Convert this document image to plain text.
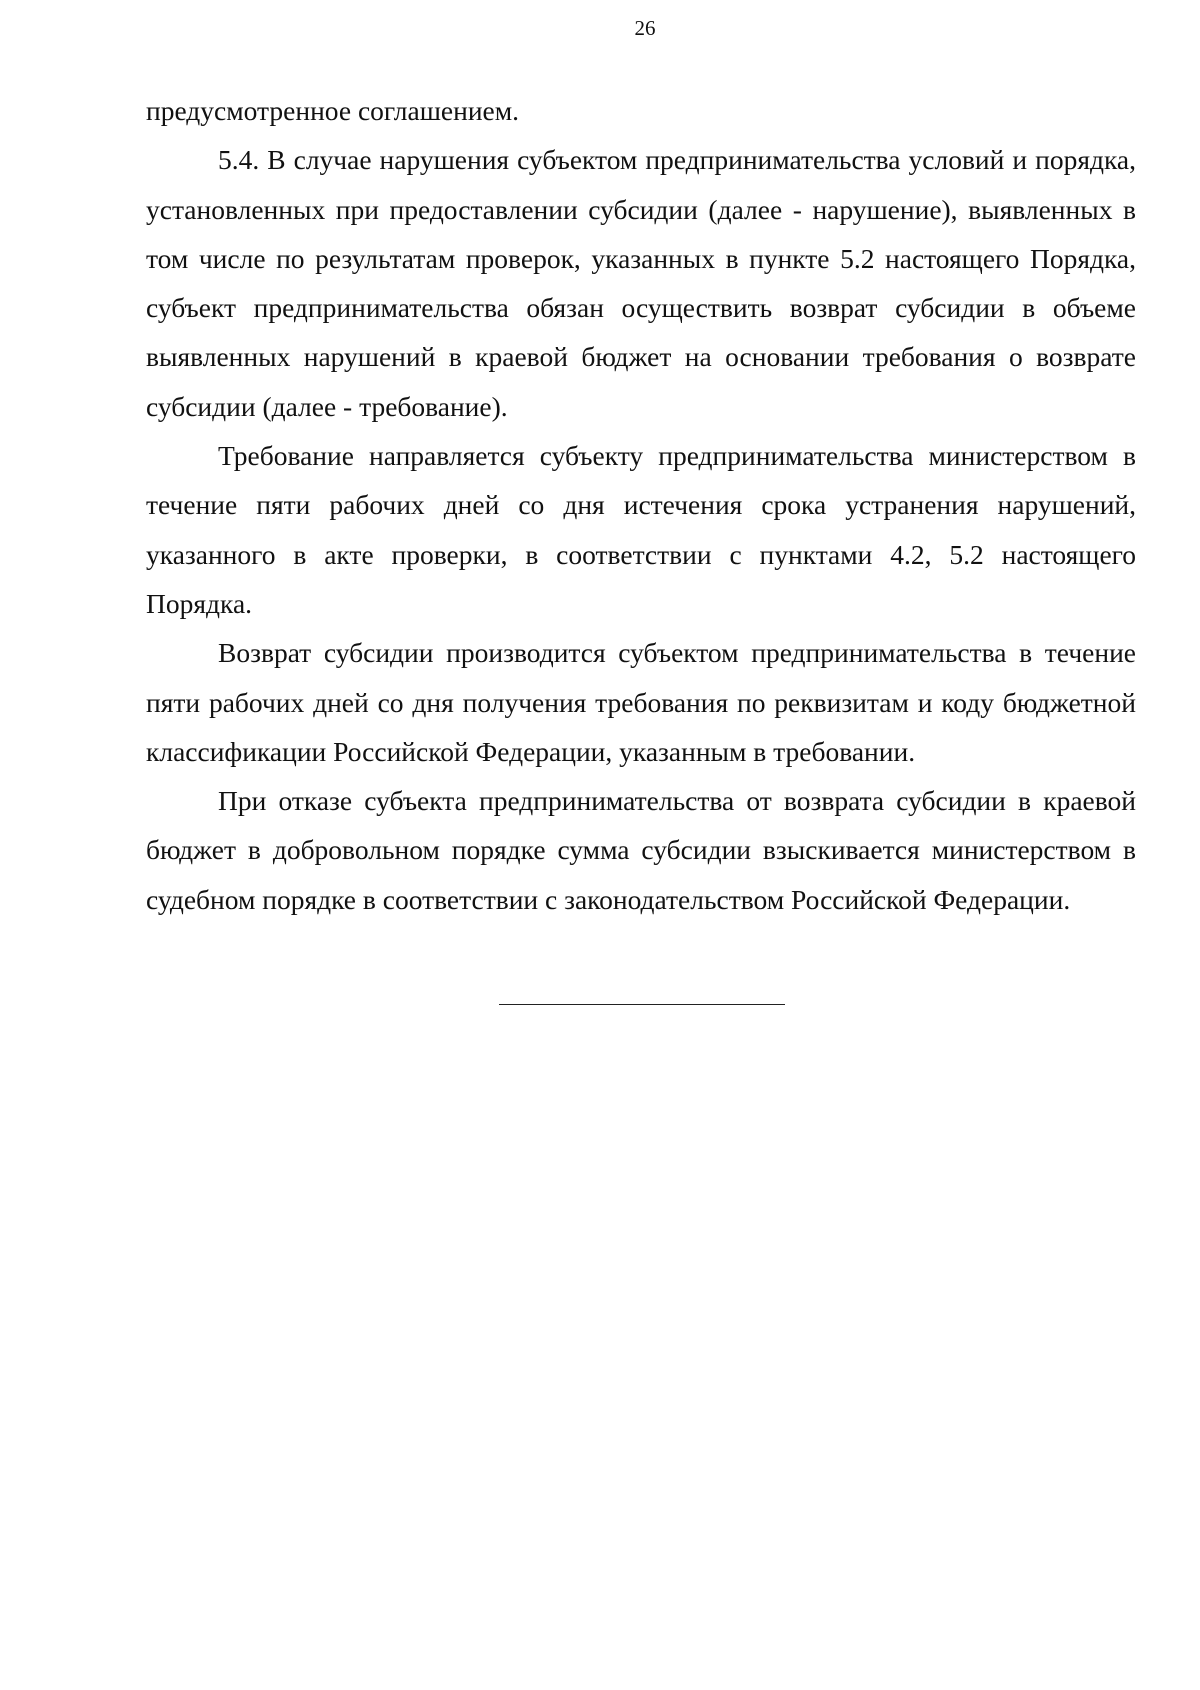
26

предусмотренное соглашением.

5.4. В случае нарушения субъектом предпринимательства условий и порядка, установленных при предоставлении субсидии (далее - нарушение), выявленных в том числе по результатам проверок, указанных в пункте 5.2 настоящего Порядка, субъект предпринимательства обязан осуществить возврат субсидии в объеме выявленных нарушений в краевой бюджет на основании требования о возврате субсидии (далее - требование).

Требование направляется субъекту предпринимательства министерством в течение пяти рабочих дней со дня истечения срока устранения нарушений, указанного в акте проверки, в соответствии с пунктами 4.2, 5.2 настоящего Порядка.

Возврат субсидии производится субъектом предпринимательства в течение пяти рабочих дней со дня получения требования по реквизитам и коду бюджетной классификации Российской Федерации, указанным в требовании.

При отказе субъекта предпринимательства от возврата субсидии в краевой бюджет в добровольном порядке сумма субсидии взыскивается министерством в судебном порядке в соответствии с законодательством Российской Федерации.
